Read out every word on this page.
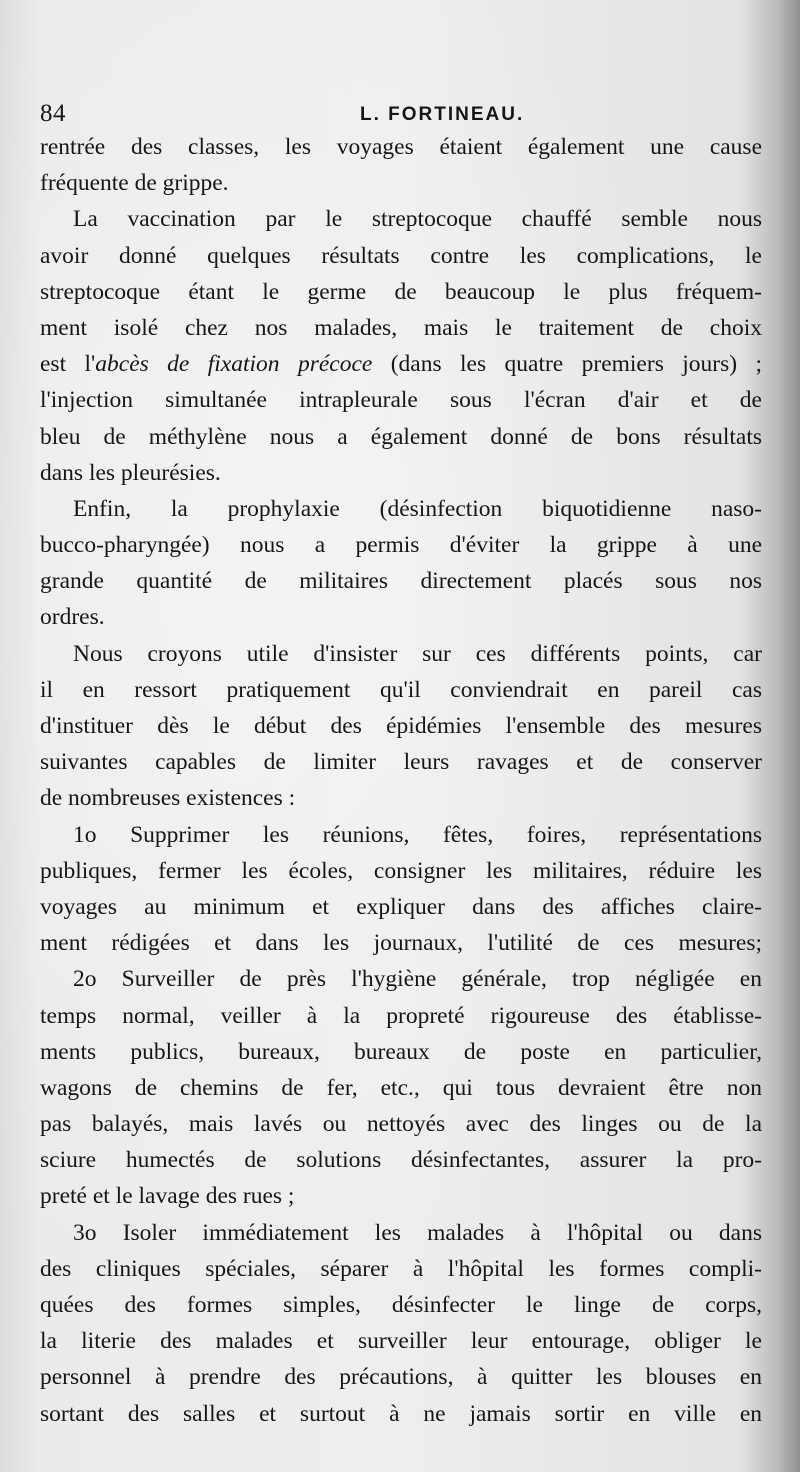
84	L. FORTINEAU.
rentrée des classes, les voyages étaient également une cause
fréquente de grippe.
La vaccination par le streptocoque chauffé semble nous
avoir donné quelques résultats contre les complications, le
streptocoque étant le germe de beaucoup le plus fréquem-
ment isolé chez nos malades, mais le traitement de choix
est l'abcès de fixation précoce (dans les quatre premiers jours) ;
l'injection simultanée intrapleurale sous l'écran d'air et de
bleu de méthylène nous a également donné de bons résultats
dans les pleurésies.
Enfin, la prophylaxie (désinfection biquotidienne naso-
bucco-pharyngée) nous a permis d'éviter la grippe à une
grande quantité de militaires directement placés sous nos
ordres.
Nous croyons utile d'insister sur ces différents points, car
il en ressort pratiquement qu'il conviendrait en pareil cas
d'instituer dès le début des épidémies l'ensemble des mesures
suivantes capables de limiter leurs ravages et de conserver
de nombreuses existences :
1o Supprimer les réunions, fêtes, foires, représentations
publiques, fermer les écoles, consigner les militaires, réduire les
voyages au minimum et expliquer dans des affiches claire-
ment rédigées et dans les journaux, l'utilité de ces mesures;
2o Surveiller de près l'hygiène générale, trop négligée en
temps normal, veiller à la propreté rigoureuse des établisse-
ments publics, bureaux, bureaux de poste en particulier,
wagons de chemins de fer, etc., qui tous devraient être non
pas balayés, mais lavés ou nettoyés avec des linges ou de la
sciure humectés de solutions désinfectantes, assurer la pro-
preté et le lavage des rues ;
3o Isoler immédiatement les malades à l'hôpital ou dans
des cliniques spéciales, séparer à l'hôpital les formes compli-
quées des formes simples, désinfecter le linge de corps,
la literie des malades et surveiller leur entourage, obliger le
personnel à prendre des précautions, à quitter les blouses en
sortant des salles et surtout à ne jamais sortir en ville en
